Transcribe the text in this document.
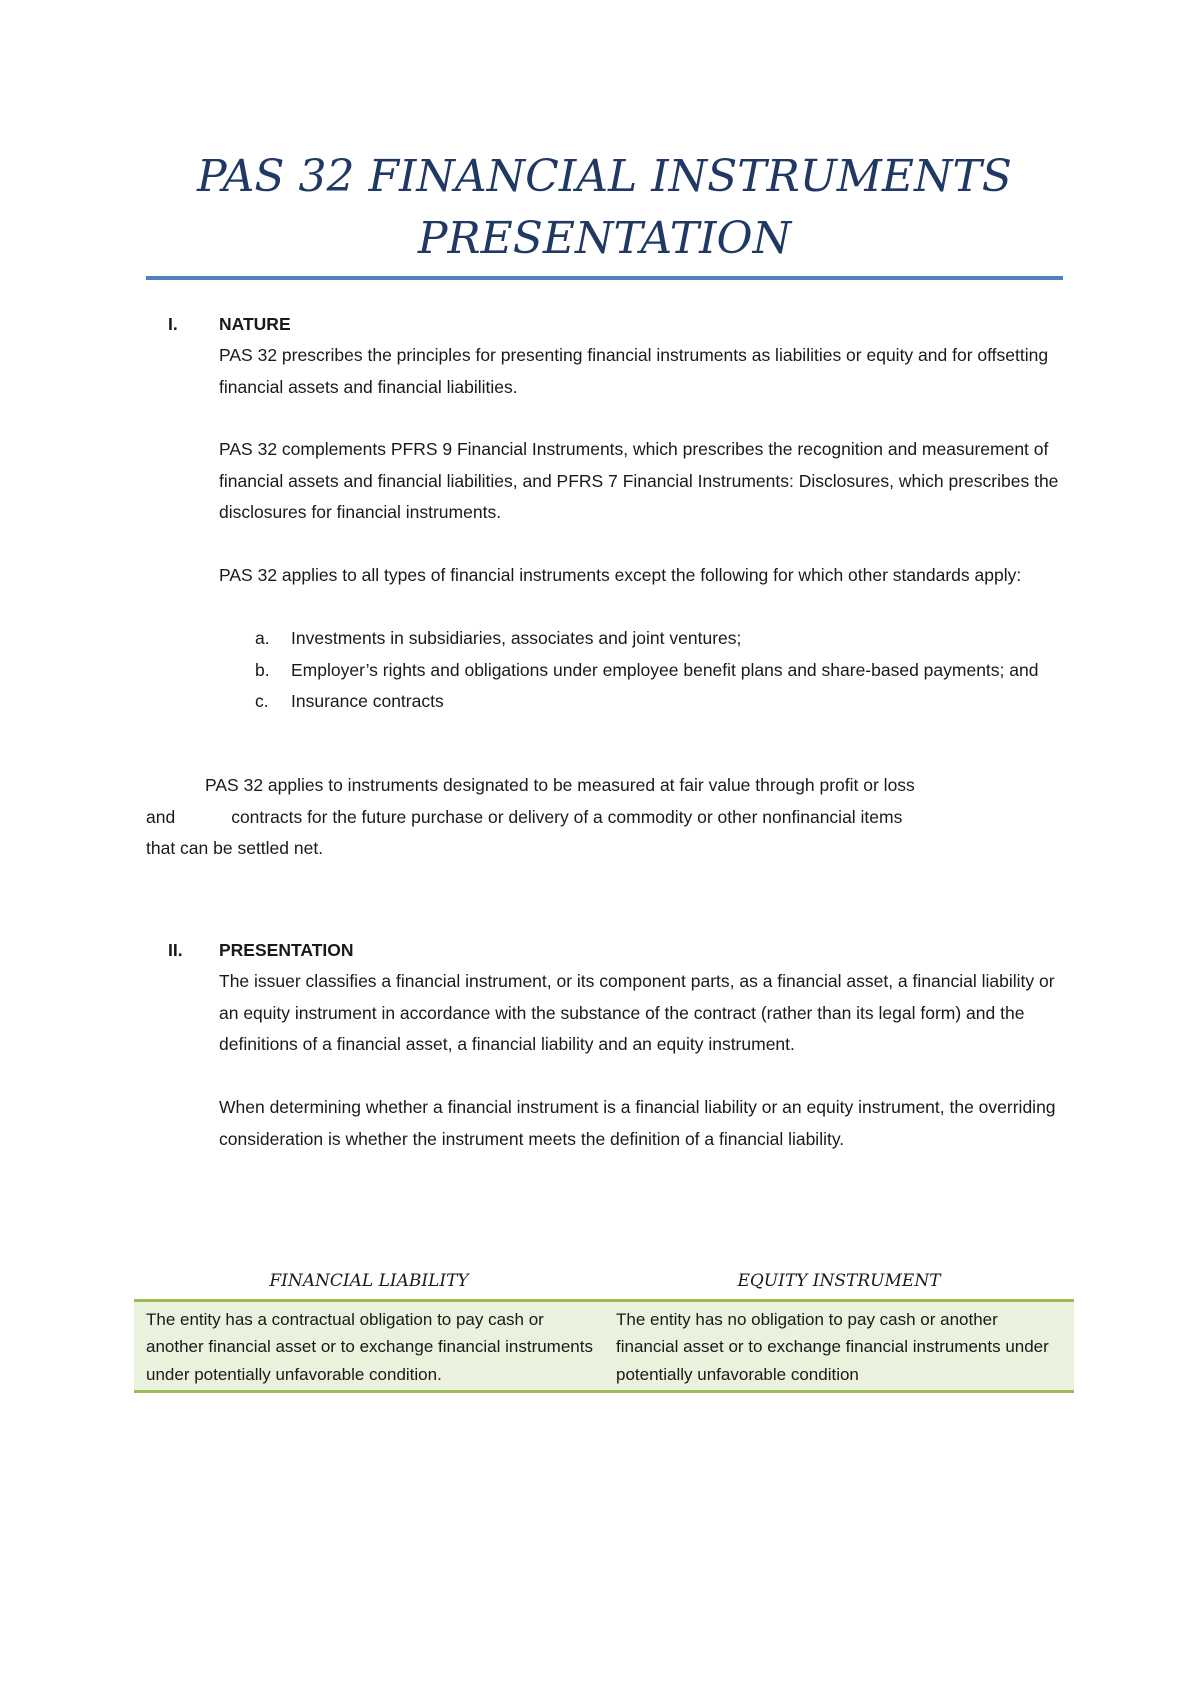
PAS 32 FINANCIAL INSTRUMENTS
PRESENTATION
I. NATURE

PAS 32 prescribes the principles for presenting financial instruments as liabilities or equity and for offsetting financial assets and financial liabilities.

PAS 32 complements PFRS 9 Financial Instruments, which prescribes the recognition and measurement of financial assets and financial liabilities, and PFRS 7 Financial Instruments: Disclosures, which prescribes the disclosures for financial instruments.

PAS 32 applies to all types of financial instruments except the following for which other standards apply:

a. Investments in subsidiaries, associates and joint ventures;
b. Employer’s rights and obligations under employee benefit plans and share-based payments; and
c. Insurance contracts
PAS 32 applies to instruments designated to be measured at fair value through profit or loss
and	contracts for the future purchase or delivery of a commodity or other nonfinancial items
that can be settled net.
II. PRESENTATION

The issuer classifies a financial instrument, or its component parts, as a financial asset, a financial liability or an equity instrument in accordance with the substance of the contract (rather than its legal form) and the definitions of a financial asset, a financial liability and an equity instrument.

When determining whether a financial instrument is a financial liability or an equity instrument, the overriding consideration is whether the instrument meets the definition of a financial liability.

FINANCIAL LIABILITY	EQUITY INSTRUMENT
The entity has a contractual obligation to pay cash or another financial asset or to exchange financial instruments under potentially unfavorable condition.	The entity has no obligation to pay cash or another financial asset or to exchange financial instruments under potentially unfavorable condition
